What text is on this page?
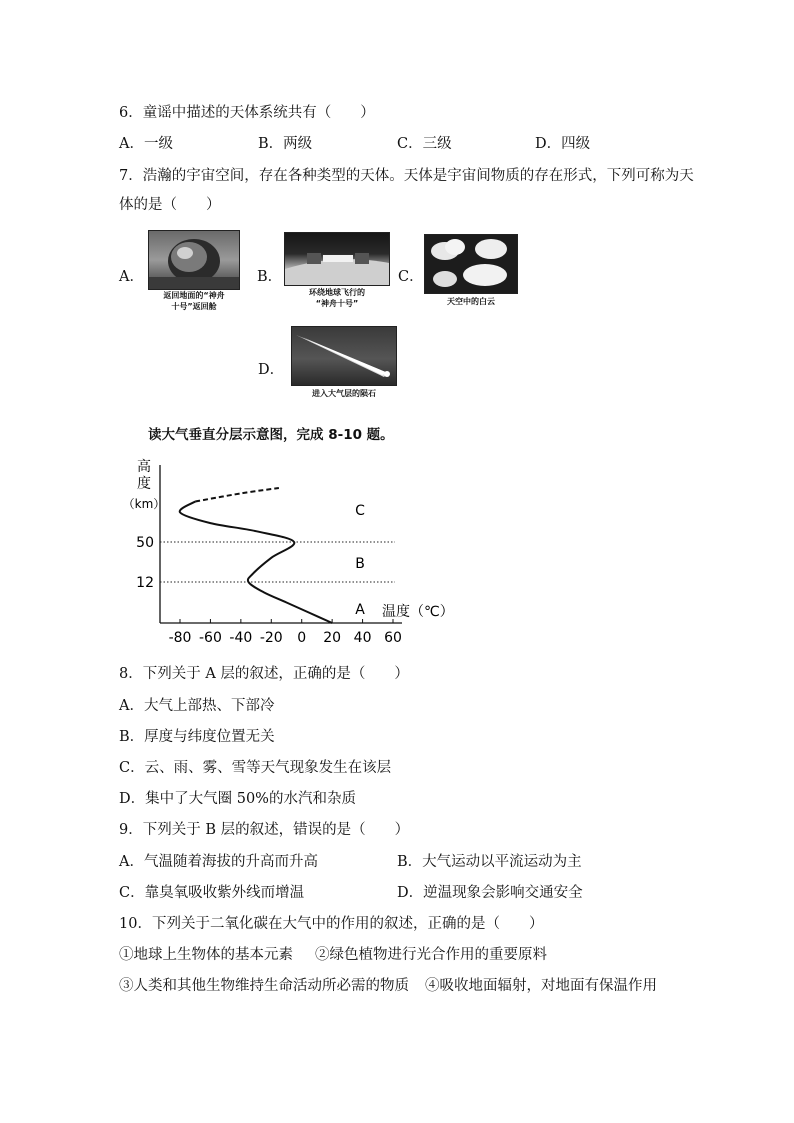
6．童谣中描述的天体系统共有（　　）
A．一级	B．两级	C．三级	D．四级
7．浩瀚的宇宙空间，存在各种类型的天体。天体是宇宙间物质的存在形式，下列可称为天
体的是（　　）
A．
返回地面的“神舟
十号”返回舱
B．
环绕地球飞行的
“神舟十号”
C．
天空中的白云
D．
进入大气层的陨石
读大气垂直分层示意图，完成 8-10 题。
高
度
（km）
12
50
-80 -60 -40 -20 0 20 40 60
C
B
A 温度（℃）
8．下列关于 A 层的叙述，正确的是（　　）
A．大气上部热、下部冷
B．厚度与纬度位置无关
C．云、雨、雾、雪等天气现象发生在该层
D．集中了大气圈 50%的水汽和杂质
9．下列关于 B 层的叙述，错误的是（　　）
A．气温随着海拔的升高而升高	B．大气运动以平流运动为主
C．靠臭氧吸收紫外线而增温	D．逆温现象会影响交通安全
10．下列关于二氧化碳在大气中的作用的叙述，正确的是（　　）
①地球上生物体的基本元素 ②绿色植物进行光合作用的重要原料
③人类和其他生物维持生命活动所必需的物质 ④吸收地面辐射，对地面有保温作用
